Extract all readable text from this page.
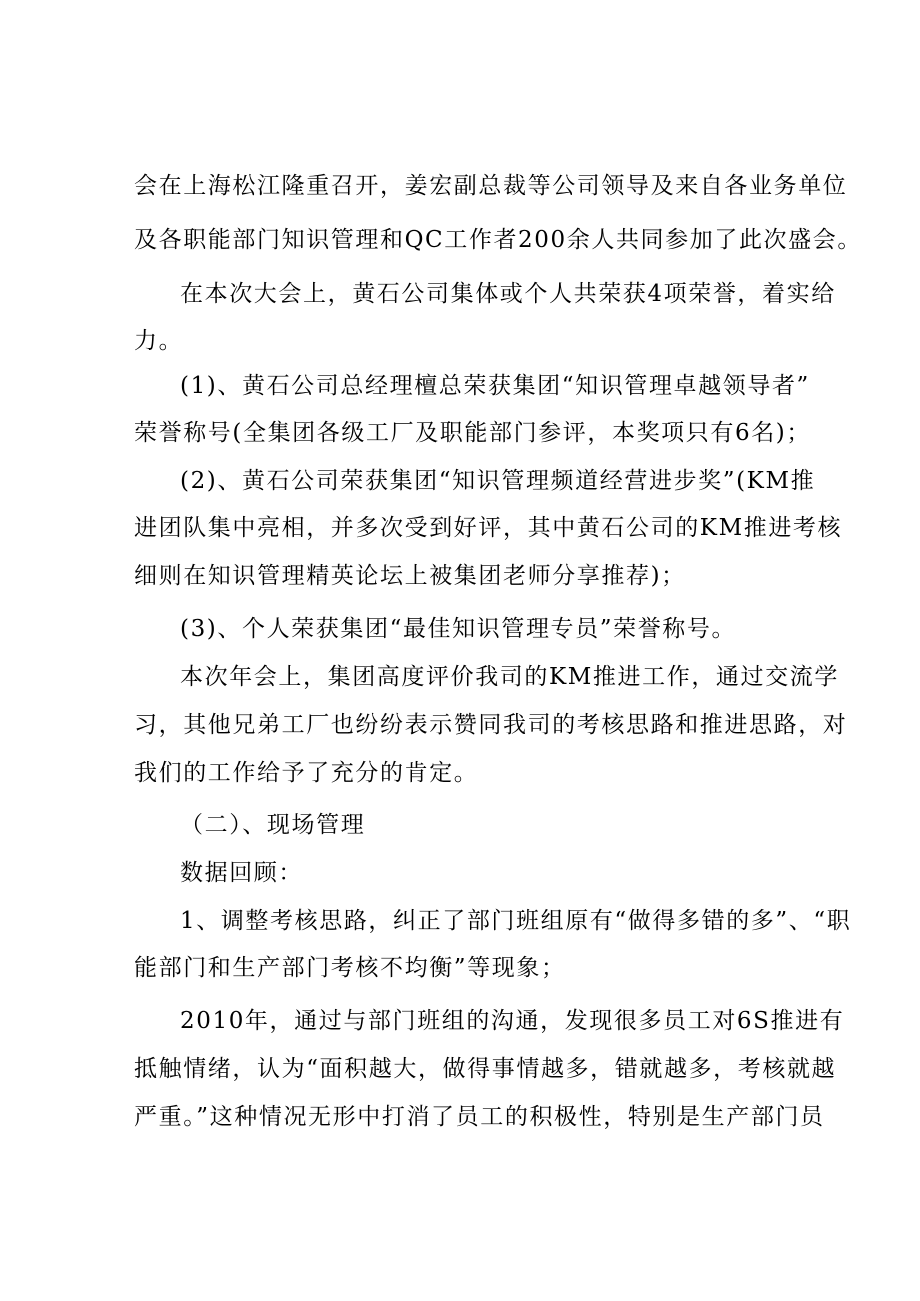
会在上海松江隆重召开，姜宏副总裁等公司领导及来自各业务单位
及各职能部门知识管理和QC工作者200余人共同参加了此次盛会。
在本次大会上，黄石公司集体或个人共荣获4项荣誉，着实给
力。
(1)、黄石公司总经理檀总荣获集团“知识管理卓越领导者”
荣誉称号(全集团各级工厂及职能部门参评，本奖项只有6名)；
(2)、黄石公司荣获集团“知识管理频道经营进步奖”(KM推
进团队集中亮相，并多次受到好评，其中黄石公司的KM推进考核
细则在知识管理精英论坛上被集团老师分享推荐)；
(3)、个人荣获集团“最佳知识管理专员”荣誉称号。
本次年会上，集团高度评价我司的KM推进工作，通过交流学
习，其他兄弟工厂也纷纷表示赞同我司的考核思路和推进思路，对
我们的工作给予了充分的肯定。
（二）、现场管理
数据回顾：
1、调整考核思路，纠正了部门班组原有“做得多错的多”、“职
能部门和生产部门考核不均衡”等现象；
2010年，通过与部门班组的沟通，发现很多员工对6S推进有
抵触情绪，认为“面积越大，做得事情越多，错就越多，考核就越
严重。”这种情况无形中打消了员工的积极性，特别是生产部门员
